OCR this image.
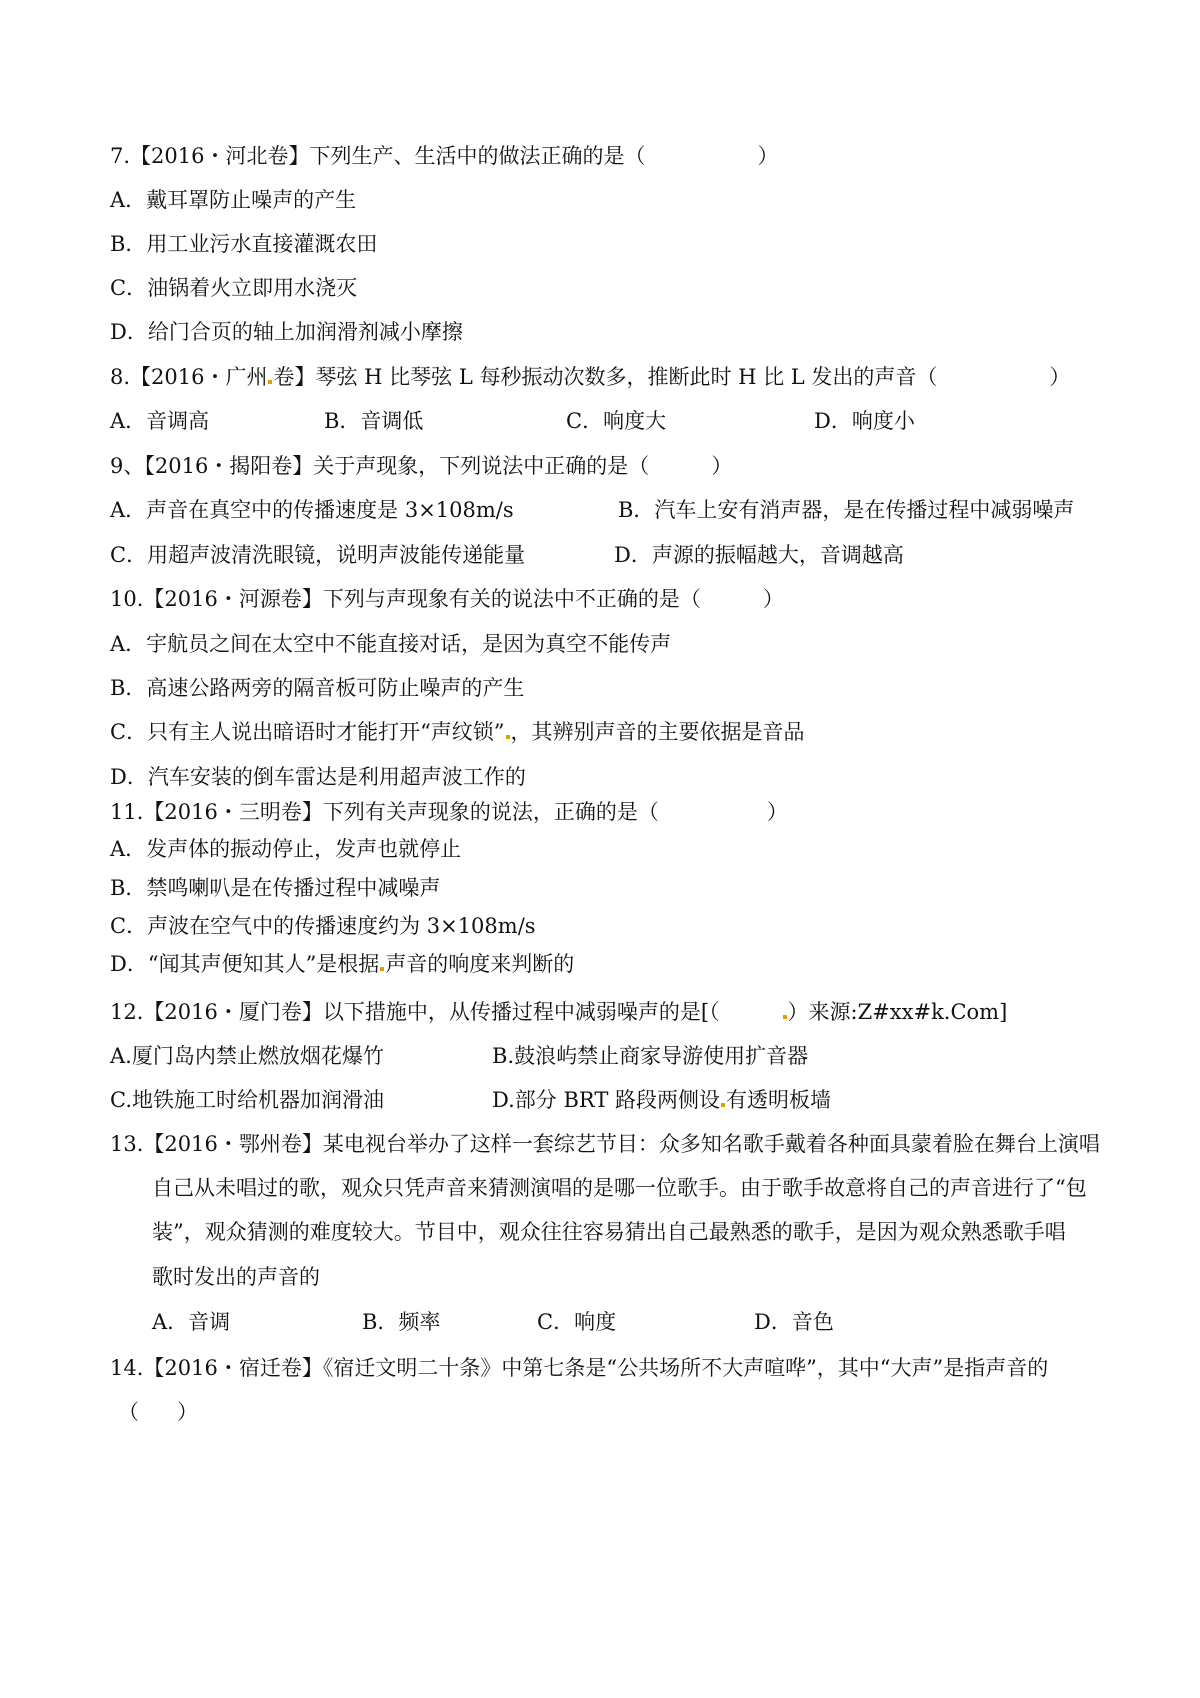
7.【2016・河北卷】下列生产、生活中的做法正确的是（	）
A．戴耳罩防止噪声的产生
B．用工业污水直接灌溉农田
C．油锅着火立即用水浇灭
D．给门合页的轴上加润滑剂减小摩擦
8.【2016・广州 卷】琴弦 H 比琴弦 L 每秒振动次数多，推断此时 H 比 L 发出的声音（	）
A．音调高	B．音调低	C．响度大	D．响度小
9、【2016・揭阳卷】关于声现象，下列说法中正确的是（	）
A．声音在真空中的传播速度是 3×108m/s	B．汽车上安有消声器，是在传播过程中减弱噪声
C．用超声波清洗眼镜，说明声波能传递能量	D．声源的振幅越大，音调越高
10.【2016・河源卷】下列与声现象有关的说法中不正确的是（	）
A．宇航员之间在太空中不能直接对话，是因为真空不能传声
B．高速公路两旁的隔音板可防止噪声的产生
C．只有主人说出暗语时才能打开“声纹锁” ，其辨别声音的主要依据是音品
D．汽车安装的倒车雷达是利用超声波工作的
11.【2016・三明卷】下列有关声现象的说法，正确的是（	）
A．发声体的振动停止，发声也就停止
B．禁鸣喇叭是在传播过程中减噪声
C．声波在空气中的传播速度约为 3×108m/s
D．“闻其声便知其人”是根据 声音的响度来判断的
12.【2016・厦门卷】以下措施中，从传播过程中减弱噪声的是[（	）来源:Z#xx#k.Com]
A.厦门岛内禁止燃放烟花爆竹	B.鼓浪屿禁止商家导游使用扩音器
C.地铁施工时给机器加润滑油	D.部分 BRT 路段两侧设 有透明板墙
13.【2016・鄂州卷】某电视台举办了这样一套综艺节目：众多知名歌手戴着各种面具蒙着脸在舞台上演唱
自己从未唱过的歌，观众只凭声音来猜测演唱的是哪一位歌手。由于歌手故意将自己的声音进行了“包
装”，观众猜测的难度较大。节目中，观众往往容易猜出自己最熟悉的歌手，是因为观众熟悉歌手唱
歌时发出的声音的
A．音调	B．频率	C．响度	D．音色
14.【2016・宿迁卷】《宿迁文明二十条》中第七条是“公共场所不大声喧哗”，其中“大声”是指声音的
（ ）
